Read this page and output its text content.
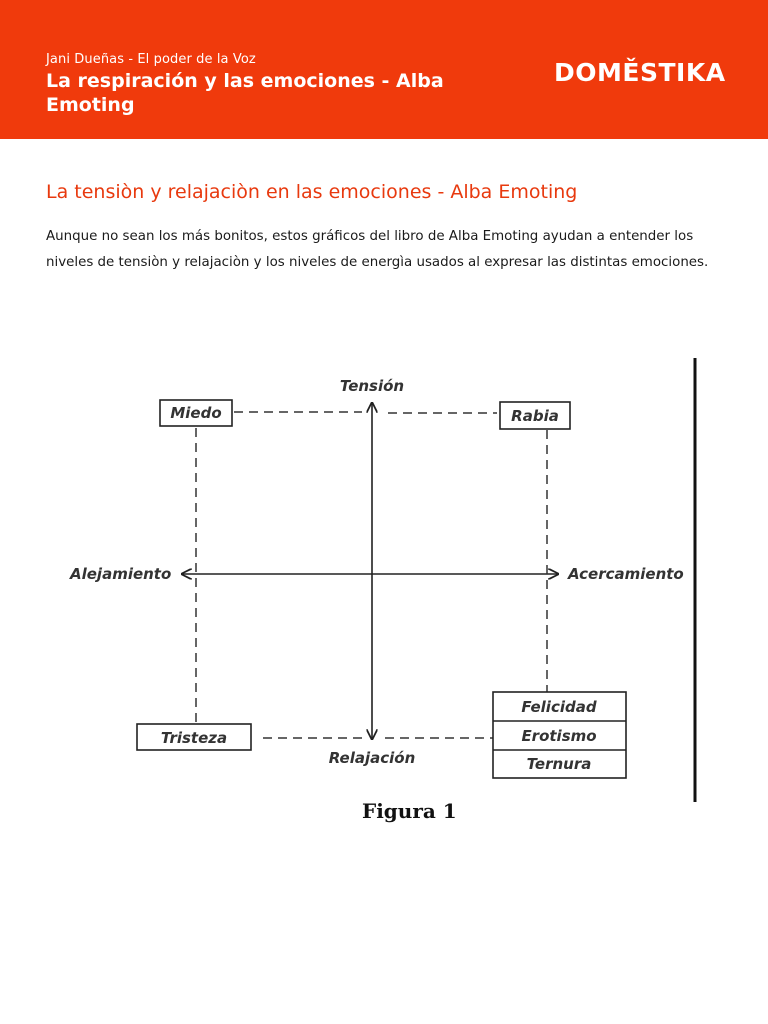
Jani Dueñas - El poder de la Voz
La respiración y las emociones - Alba Emoting
DOMĚSTIKA
La tensiòn y relajaciòn en las emociones - Alba Emoting
Aunque no sean los más bonitos, estos gráficos del libro de Alba Emoting ayudan a entender los niveles de tensiòn y relajaciòn y los niveles de energìa usados al expresar las distintas emociones.
Tensión
Relajación
Alejamiento	Acercamiento
Miedo	Rabia
Tristeza
Felicidad
Erotismo
Ternura
Figura 1
